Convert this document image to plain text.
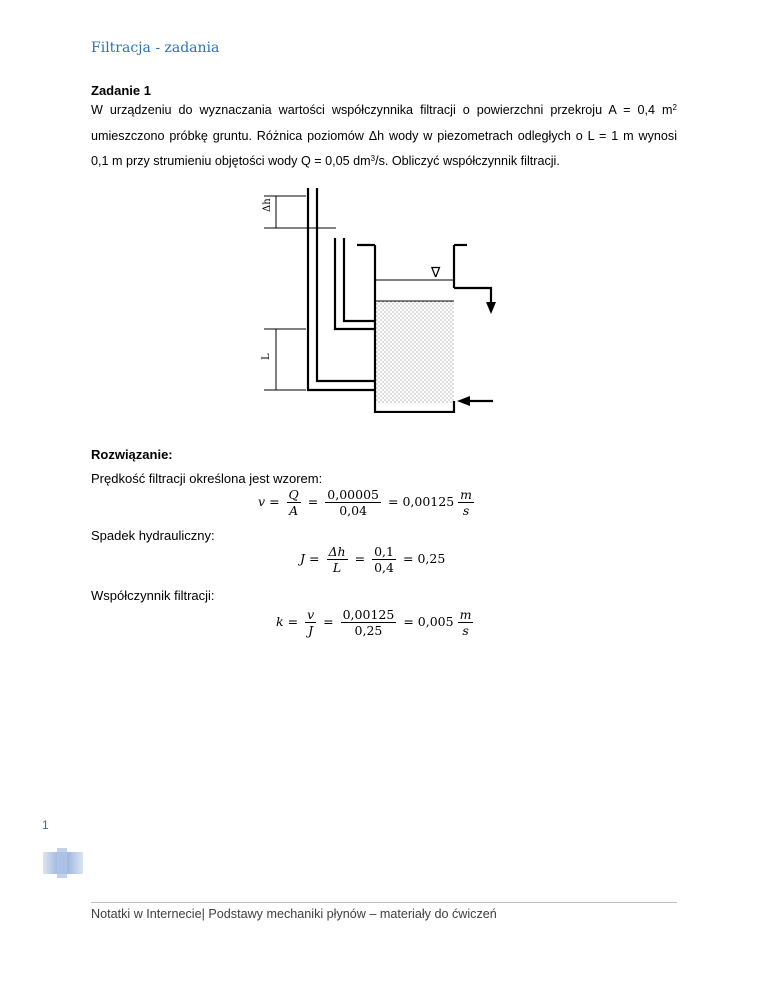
Filtracja - zadania
Zadanie 1
W urządzeniu do wyznaczania wartości współczynnika filtracji o powierzchni przekroju A = 0,4 $m^2$
umieszczono próbkę gruntu. Różnica poziomów Δh wody w piezometrach odległych o L = 1 m wynosi
0,1 m przy strumieniu objętości wody Q = 0,05 $dm^3/s$. Obliczyć współczynnik filtracji.
Δh
L
∇
Rozwiązanie:
Prędkość filtracji określona jest wzorem:
$v = \frac{Q}{A} = \frac{0,00005}{0,04} = 0,00125 \frac{m}{s}$
Spadek hydrauliczny:
$J = \frac{\Delta h}{L} = \frac{0,1}{0,4} = 0,25$
Współczynnik filtracji:
$k = \frac{v}{J} = \frac{0,00125}{0,25} = 0,005 \frac{m}{s}$
1
Notatki w Internecie| Podstawy mechaniki płynów – materiały do ćwiczeń
